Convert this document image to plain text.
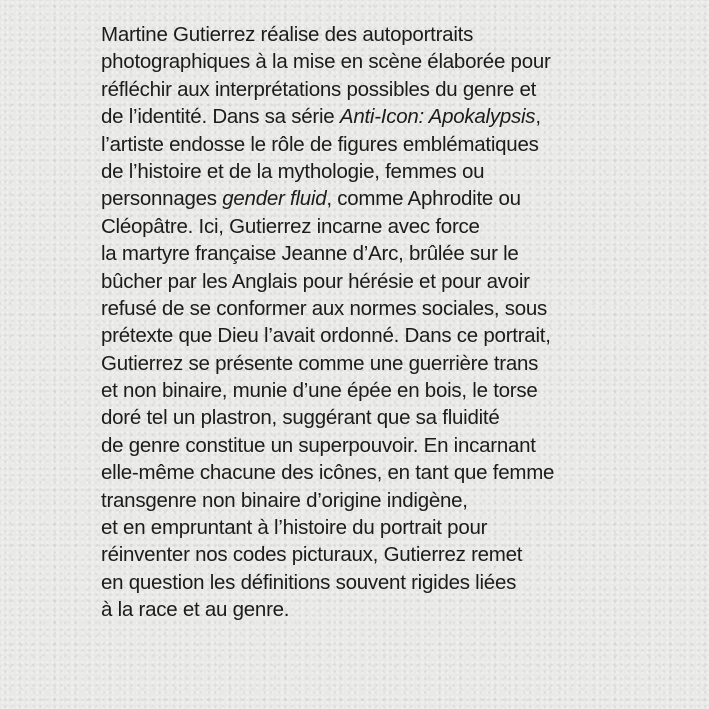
Martine Gutierrez réalise des autoportraits
photographiques à la mise en scène élaborée pour
réfléchir aux interprétations possibles du genre et
de l’identité. Dans sa série Anti-Icon: Apokalypsis,
l’artiste endosse le rôle de figures emblématiques
de l’histoire et de la mythologie, femmes ou
personnages gender fluid, comme Aphrodite ou
Cléopâtre. Ici, Gutierrez incarne avec force
la martyre française Jeanne d’Arc, brûlée sur le
bûcher par les Anglais pour hérésie et pour avoir
refusé de se conformer aux normes sociales, sous
prétexte que Dieu l’avait ordonné. Dans ce portrait,
Gutierrez se présente comme une guerrière trans
et non binaire, munie d’une épée en bois, le torse
doré tel un plastron, suggérant que sa fluidité
de genre constitue un superpouvoir. En incarnant
elle-même chacune des icônes, en tant que femme
transgenre non binaire d’origine indigène,
et en empruntant à l’histoire du portrait pour
réinventer nos codes picturaux, Gutierrez remet
en question les définitions souvent rigides liées
à la race et au genre.
